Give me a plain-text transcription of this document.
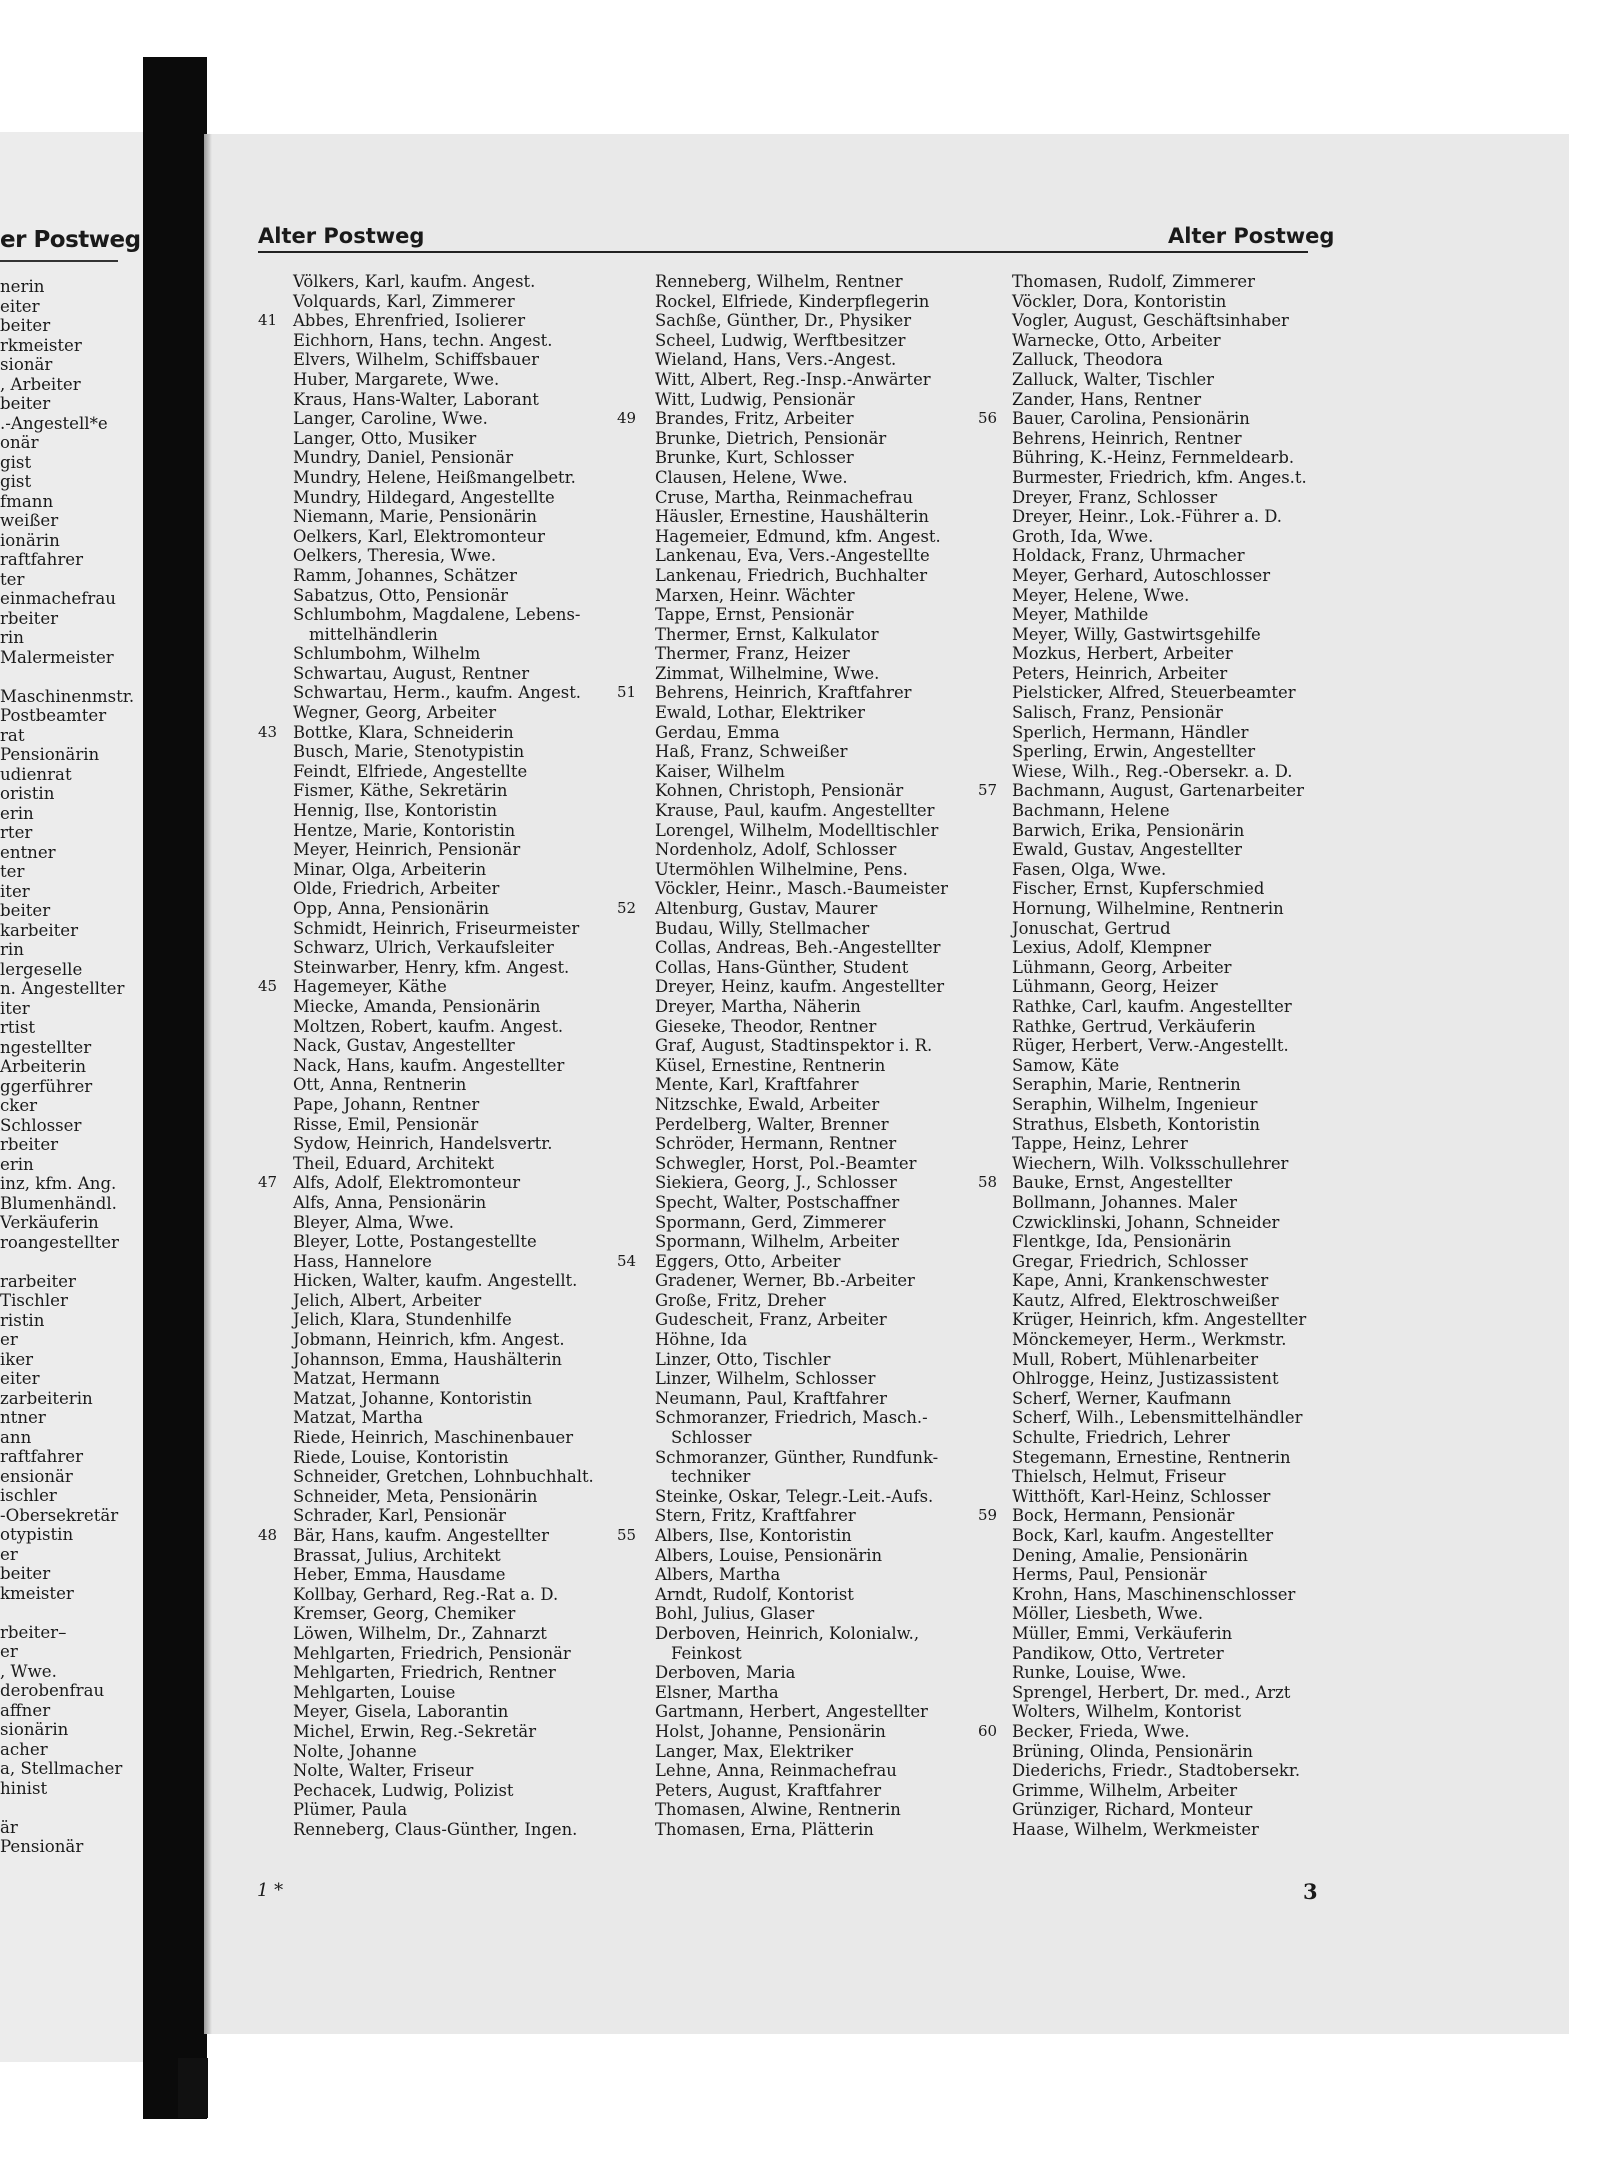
er Postweg
nerin
eiter
beiter
rkmeister
sionär
, Arbeiter
beiter
.-Angestell*e
onär
gist
gist
fmann
weißer
ionärin
raftfahrer
ter
einmachefrau
rbeiter
rin
Malermeister
Maschinenmstr.
Postbeamter
rat
Pensionärin
udienrat
oristin
erin
rter
entner
ter
iter
beiter
karbeiter
rin
lergeselle
n. Angestellter
iter
rtist
ngestellter
Arbeiterin
ggerführer
cker
Schlosser
rbeiter
erin
inz, kfm. Ang.
Blumenhändl.
Verkäuferin
roangestellter
rarbeiter
Tischler
ristin
er
iker
eiter
zarbeiterin
ntner
ann
raftfahrer
ensionär
ischler
-Obersekretär
otypistin
er
beiter
kmeister
rbeiter–
er
, Wwe.
derobenfrau
affner
sionärin
acher
a, Stellmacher
hinist
är
Pensionär
Alter Postweg	Alter Postweg
Völkers, Karl, kaufm. Angest.
Volquards, Karl, Zimmerer
41 Abbes, Ehrenfried, Isolierer
Eichhorn, Hans, techn. Angest.
Elvers, Wilhelm, Schiffsbauer
Huber, Margarete, Wwe.
Kraus, Hans-Walter, Laborant
Langer, Caroline, Wwe.
Langer, Otto, Musiker
Mundry, Daniel, Pensionär
Mundry, Helene, Heißmangelbetr.
Mundry, Hildegard, Angestellte
Niemann, Marie, Pensionärin
Oelkers, Karl, Elektromonteur
Oelkers, Theresia, Wwe.
Ramm, Johannes, Schätzer
Sabatzus, Otto, Pensionär
Schlumbohm, Magdalene, Lebens-
mittelhändlerin
Schlumbohm, Wilhelm
Schwartau, August, Rentner
Schwartau, Herm., kaufm. Angest.
Wegner, Georg, Arbeiter
43 Bottke, Klara, Schneiderin
Busch, Marie, Stenotypistin
Feindt, Elfriede, Angestellte
Fismer, Käthe, Sekretärin
Hennig, Ilse, Kontoristin
Hentze, Marie, Kontoristin
Meyer, Heinrich, Pensionär
Minar, Olga, Arbeiterin
Olde, Friedrich, Arbeiter
Opp, Anna, Pensionärin
Schmidt, Heinrich, Friseurmeister
Schwarz, Ulrich, Verkaufsleiter
Steinwarber, Henry, kfm. Angest.
45 Hagemeyer, Käthe
Miecke, Amanda, Pensionärin
Moltzen, Robert, kaufm. Angest.
Nack, Gustav, Angestellter
Nack, Hans, kaufm. Angestellter
Ott, Anna, Rentnerin
Pape, Johann, Rentner
Risse, Emil, Pensionär
Sydow, Heinrich, Handelsvertr.
Theil, Eduard, Architekt
47 Alfs, Adolf, Elektromonteur
Alfs, Anna, Pensionärin
Bleyer, Alma, Wwe.
Bleyer, Lotte, Postangestellte
Hass, Hannelore
Hicken, Walter, kaufm. Angestellt.
Jelich, Albert, Arbeiter
Jelich, Klara, Stundenhilfe
Jobmann, Heinrich, kfm. Angest.
Johannson, Emma, Haushälterin
Matzat, Hermann
Matzat, Johanne, Kontoristin
Matzat, Martha
Riede, Heinrich, Maschinenbauer
Riede, Louise, Kontoristin
Schneider, Gretchen, Lohnbuchhalt.
Schneider, Meta, Pensionärin
Schrader, Karl, Pensionär
48 Bär, Hans, kaufm. Angestellter
Brassat, Julius, Architekt
Heber, Emma, Hausdame
Kollbay, Gerhard, Reg.-Rat a. D.
Kremser, Georg, Chemiker
Löwen, Wilhelm, Dr., Zahnarzt
Mehlgarten, Friedrich, Pensionär
Mehlgarten, Friedrich, Rentner
Mehlgarten, Louise
Meyer, Gisela, Laborantin
Michel, Erwin, Reg.-Sekretär
Nolte, Johanne
Nolte, Walter, Friseur
Pechacek, Ludwig, Polizist
Plümer, Paula
Renneberg, Claus-Günther, Ingen.
Renneberg, Wilhelm, Rentner
Rockel, Elfriede, Kinderpflegerin
Sachße, Günther, Dr., Physiker
Scheel, Ludwig, Werftbesitzer
Wieland, Hans, Vers.-Angest.
Witt, Albert, Reg.-Insp.-Anwärter
Witt, Ludwig, Pensionär
49 Brandes, Fritz, Arbeiter
Brunke, Dietrich, Pensionär
Brunke, Kurt, Schlosser
Clausen, Helene, Wwe.
Cruse, Martha, Reinmachefrau
Häusler, Ernestine, Haushälterin
Hagemeier, Edmund, kfm. Angest.
Lankenau, Eva, Vers.-Angestellte
Lankenau, Friedrich, Buchhalter
Marxen, Heinr. Wächter
Tappe, Ernst, Pensionär
Thermer, Ernst, Kalkulator
Thermer, Franz, Heizer
Zimmat, Wilhelmine, Wwe.
51 Behrens, Heinrich, Kraftfahrer
Ewald, Lothar, Elektriker
Gerdau, Emma
Haß, Franz, Schweißer
Kaiser, Wilhelm
Kohnen, Christoph, Pensionär
Krause, Paul, kaufm. Angestellter
Lorengel, Wilhelm, Modelltischler
Nordenholz, Adolf, Schlosser
Utermöhlen Wilhelmine, Pens.
Vöckler, Heinr., Masch.-Baumeister
52 Altenburg, Gustav, Maurer
Budau, Willy, Stellmacher
Collas, Andreas, Beh.-Angestellter
Collas, Hans-Günther, Student
Dreyer, Heinz, kaufm. Angestellter
Dreyer, Martha, Näherin
Gieseke, Theodor, Rentner
Graf, August, Stadtinspektor i. R.
Küsel, Ernestine, Rentnerin
Mente, Karl, Kraftfahrer
Nitzschke, Ewald, Arbeiter
Perdelberg, Walter, Brenner
Schröder, Hermann, Rentner
Schwegler, Horst, Pol.-Beamter
Siekiera, Georg, J., Schlosser
Specht, Walter, Postschaffner
Spormann, Gerd, Zimmerer
Spormann, Wilhelm, Arbeiter
54 Eggers, Otto, Arbeiter
Gradener, Werner, Bb.-Arbeiter
Große, Fritz, Dreher
Gudescheit, Franz, Arbeiter
Höhne, Ida
Linzer, Otto, Tischler
Linzer, Wilhelm, Schlosser
Neumann, Paul, Kraftfahrer
Schmoranzer, Friedrich, Masch.-
Schlosser
Schmoranzer, Günther, Rundfunk-
techniker
Steinke, Oskar, Telegr.-Leit.-Aufs.
Stern, Fritz, Kraftfahrer
55 Albers, Ilse, Kontoristin
Albers, Louise, Pensionärin
Albers, Martha
Arndt, Rudolf, Kontorist
Bohl, Julius, Glaser
Derboven, Heinrich, Kolonialw.,
Feinkost
Derboven, Maria
Elsner, Martha
Gartmann, Herbert, Angestellter
Holst, Johanne, Pensionärin
Langer, Max, Elektriker
Lehne, Anna, Reinmachefrau
Peters, August, Kraftfahrer
Thomasen, Alwine, Rentnerin
Thomasen, Erna, Plätterin
Thomasen, Rudolf, Zimmerer
Vöckler, Dora, Kontoristin
Vogler, August, Geschäftsinhaber
Warnecke, Otto, Arbeiter
Zalluck, Theodora
Zalluck, Walter, Tischler
Zander, Hans, Rentner
56 Bauer, Carolina, Pensionärin
Behrens, Heinrich, Rentner
Bühring, K.-Heinz, Fernmeldearb.
Burmester, Friedrich, kfm. Anges.t.
Dreyer, Franz, Schlosser
Dreyer, Heinr., Lok.-Führer a. D.
Groth, Ida, Wwe.
Holdack, Franz, Uhrmacher
Meyer, Gerhard, Autoschlosser
Meyer, Helene, Wwe.
Meyer, Mathilde
Meyer, Willy, Gastwirtsgehilfe
Mozkus, Herbert, Arbeiter
Peters, Heinrich, Arbeiter
Pielsticker, Alfred, Steuerbeamter
Salisch, Franz, Pensionär
Sperlich, Hermann, Händler
Sperling, Erwin, Angestellter
Wiese, Wilh., Reg.-Obersekr. a. D.
57 Bachmann, August, Gartenarbeiter
Bachmann, Helene
Barwich, Erika, Pensionärin
Ewald, Gustav, Angestellter
Fasen, Olga, Wwe.
Fischer, Ernst, Kupferschmied
Hornung, Wilhelmine, Rentnerin
Jonuschat, Gertrud
Lexius, Adolf, Klempner
Lühmann, Georg, Arbeiter
Lühmann, Georg, Heizer
Rathke, Carl, kaufm. Angestellter
Rathke, Gertrud, Verkäuferin
Rüger, Herbert, Verw.-Angestellt.
Samow, Käte
Seraphin, Marie, Rentnerin
Seraphin, Wilhelm, Ingenieur
Strathus, Elsbeth, Kontoristin
Tappe, Heinz, Lehrer
Wiechern, Wilh. Volksschullehrer
58 Bauke, Ernst, Angestellter
Bollmann, Johannes. Maler
Czwicklinski, Johann, Schneider
Flentkge, Ida, Pensionärin
Gregar, Friedrich, Schlosser
Kape, Anni, Krankenschwester
Kautz, Alfred, Elektroschweißer
Krüger, Heinrich, kfm. Angestellter
Mönckemeyer, Herm., Werkmstr.
Mull, Robert, Mühlenarbeiter
Ohlrogge, Heinz, Justizassistent
Scherf, Werner, Kaufmann
Scherf, Wilh., Lebensmittelhändler
Schulte, Friedrich, Lehrer
Stegemann, Ernestine, Rentnerin
Thielsch, Helmut, Friseur
Witthöft, Karl-Heinz, Schlosser
59 Bock, Hermann, Pensionär
Bock, Karl, kaufm. Angestellter
Dening, Amalie, Pensionärin
Herms, Paul, Pensionär
Krohn, Hans, Maschinenschlosser
Möller, Liesbeth, Wwe.
Müller, Emmi, Verkäuferin
Pandikow, Otto, Vertreter
Runke, Louise, Wwe.
Sprengel, Herbert, Dr. med., Arzt
Wolters, Wilhelm, Kontorist
60 Becker, Frieda, Wwe.
Brüning, Olinda, Pensionärin
Diederichs, Friedr., Stadtobersekr.
Grimme, Wilhelm, Arbeiter
Grünziger, Richard, Monteur
Haase, Wilhelm, Werkmeister
1 *	3
